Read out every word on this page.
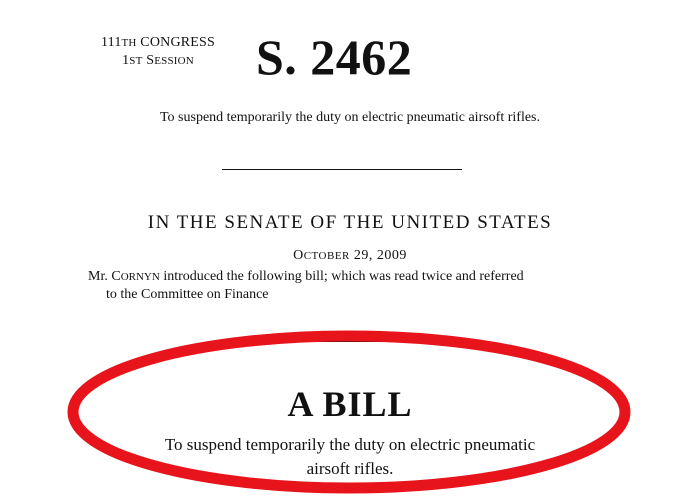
111TH CONGRESS
1ST SESSION	S. 2462
To suspend temporarily the duty on electric pneumatic airsoft rifles.
IN THE SENATE OF THE UNITED STATES
OCTOBER 29, 2009
Mr. CORNYN introduced the following bill; which was read twice and referred
to the Committee on Finance
A BILL
To suspend temporarily the duty on electric pneumatic
airsoft rifles.
